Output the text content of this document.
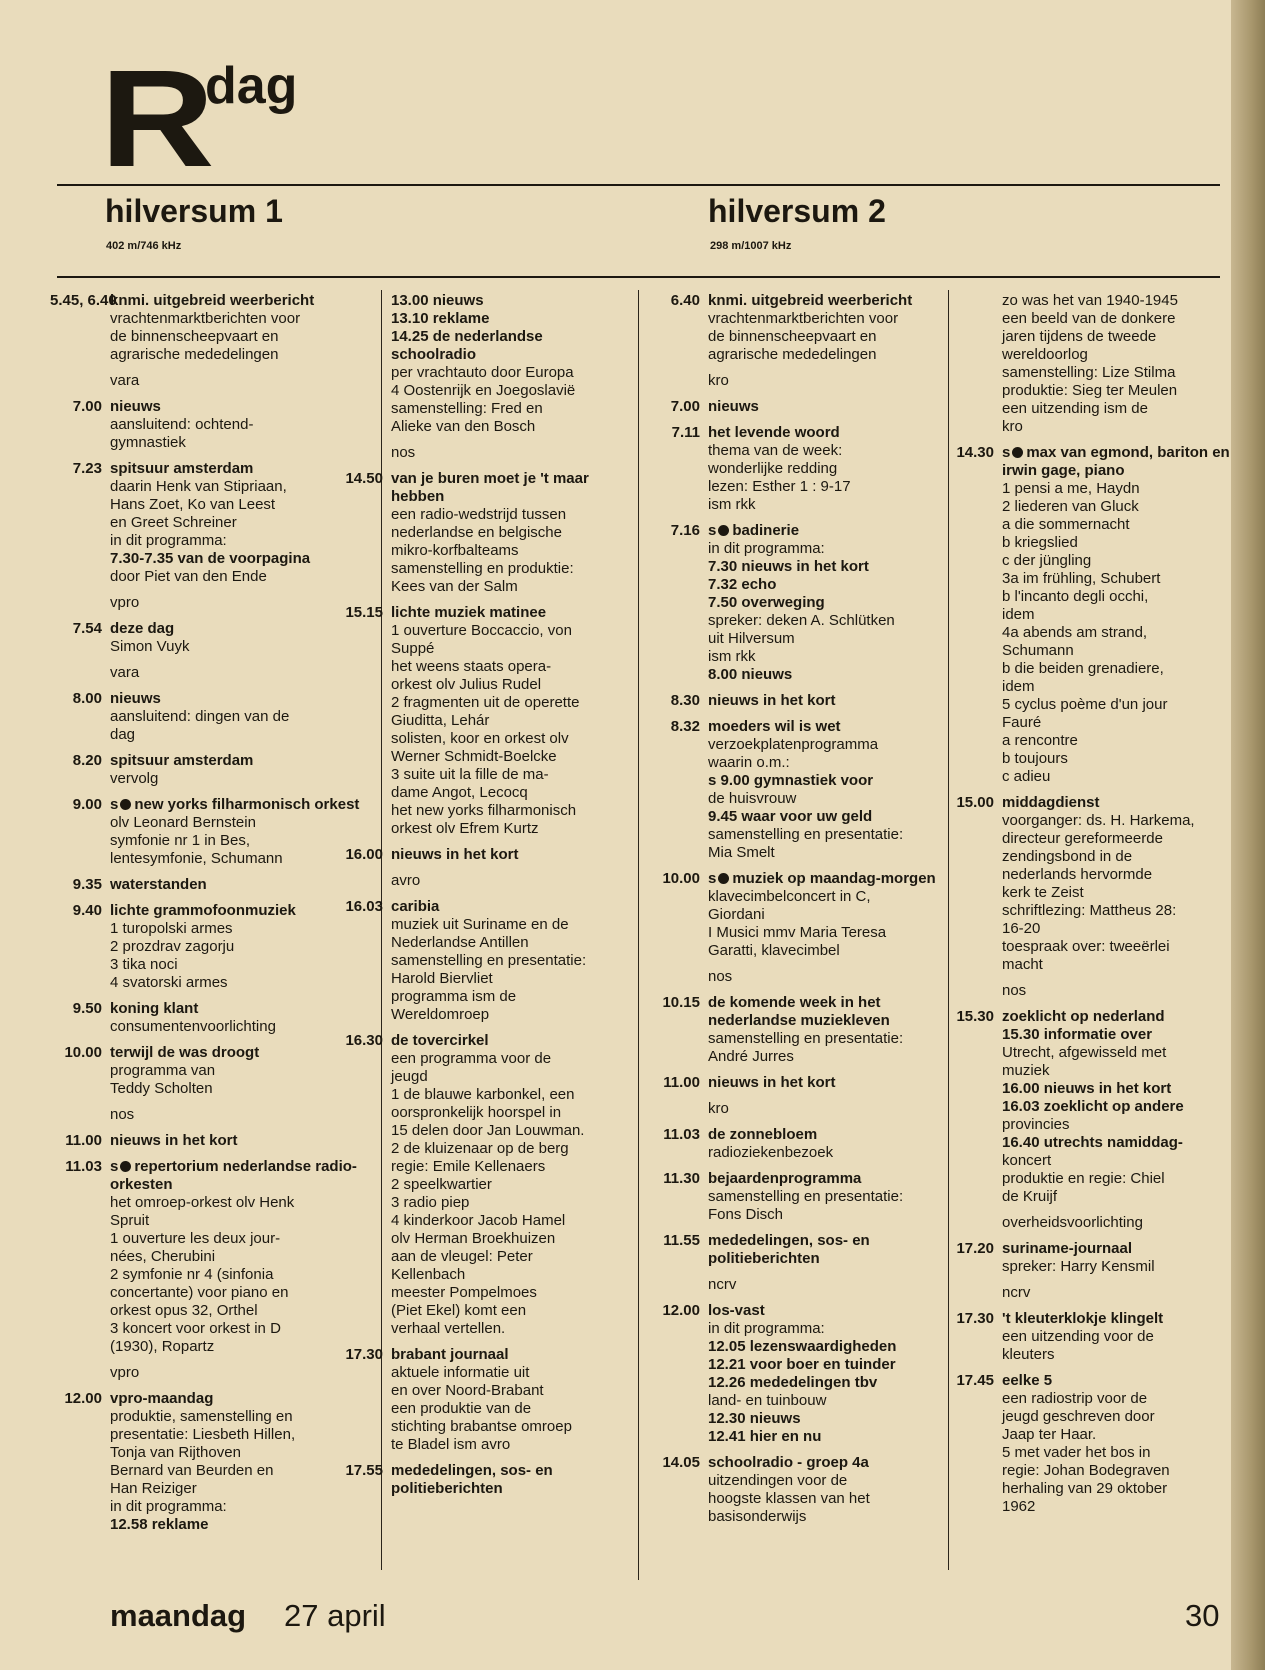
R
dag
hilversum 1
402 m/746 kHz
hilversum 2
298 m/1007 kHz
5.45, 6.40
knmi. uitgebreid weerbericht
vrachtenmarktberichten voor
de binnenscheepvaart en
agrarische mededelingen
vara
7.00 nieuws
aansluitend: ochtend-
gymnastiek
7.23 spitsuur amsterdam
daarin Henk van Stipriaan,
Hans Zoet, Ko van Leest
en Greet Schreiner
in dit programma:
7.30-7.35 van de voorpagina
door Piet van den Ende
vpro
7.54 deze dag
Simon Vuyk
vara
8.00 nieuws
aansluitend: dingen van de
dag
8.20 spitsuur amsterdam
vervolg
9.00 s new yorks filharmonisch orkest
olv Leonard Bernstein
symfonie nr 1 in Bes,
lentesymfonie, Schumann
9.35 waterstanden
9.40 lichte grammofoonmuziek
1 turopolski armes
2 prozdrav zagorju
3 tika noci
4 svatorski armes
9.50 koning klant
consumentenvoorlichting
10.00 terwijl de was droogt
programma van
Teddy Scholten
nos
11.00 nieuws in het kort
11.03 s repertorium nederlandse radio-orkesten
het omroep-orkest olv Henk
Spruit
1 ouverture les deux jour-
nées, Cherubini
2 symfonie nr 4 (sinfonia
concertante) voor piano en
orkest opus 32, Orthel
3 koncert voor orkest in D
(1930), Ropartz
vpro
12.00 vpro-maandag
produktie, samenstelling en
presentatie: Liesbeth Hillen,
Tonja van Rijthoven
Bernard van Beurden en
Han Reiziger
in dit programma:
12.58 reklame
13.00 nieuws
13.10 reklame
14.25 de nederlandse
schoolradio
per vrachtauto door Europa
4 Oostenrijk en Joegoslavië
samenstelling: Fred en
Alieke van den Bosch
nos
14.50 van je buren moet je 't maar hebben
een radio-wedstrijd tussen
nederlandse en belgische
mikro-korfbalteams
samenstelling en produktie:
Kees van der Salm
15.15 lichte muziek matinee
1 ouverture Boccaccio, von
Suppé
het weens staats opera-
orkest olv Julius Rudel
2 fragmenten uit de operette
Giuditta, Lehár
solisten, koor en orkest olv
Werner Schmidt-Boelcke
3 suite uit la fille de ma-
dame Angot, Lecocq
het new yorks filharmonisch
orkest olv Efrem Kurtz
16.00 nieuws in het kort
avro
16.03 caribia
muziek uit Suriname en de
Nederlandse Antillen
samenstelling en presentatie:
Harold Biervliet
programma ism de
Wereldomroep
16.30 de tovercirkel
een programma voor de
jeugd
1 de blauwe karbonkel, een
oorspronkelijk hoorspel in
15 delen door Jan Louwman.
2 de kluizenaar op de berg
regie: Emile Kellenaers
2 speelkwartier
3 radio piep
4 kinderkoor Jacob Hamel
olv Herman Broekhuizen
aan de vleugel: Peter
Kellenbach
meester Pompelmoes
(Piet Ekel) komt een
verhaal vertellen.
17.30 brabant journaal
aktuele informatie uit
en over Noord-Brabant
een produktie van de
stichting brabantse omroep
te Bladel ism avro
17.55 mededelingen, sos- en politieberichten
6.40 knmi. uitgebreid weerbericht
vrachtenmarktberichten voor
de binnenscheepvaart en
agrarische mededelingen
kro
7.00 nieuws
7.11 het levende woord
thema van de week:
wonderlijke redding
lezen: Esther 1 : 9-17
ism rkk
7.16 s badinerie
in dit programma:
7.30 nieuws in het kort
7.32 echo
7.50 overweging
spreker: deken A. Schlütken
uit Hilversum
ism rkk
8.00 nieuws
8.30 nieuws in het kort
8.32 moeders wil is wet
verzoekplatenprogramma
waarin o.m.:
s 9.00 gymnastiek voor
de huisvrouw
9.45 waar voor uw geld
samenstelling en presentatie:
Mia Smelt
10.00 s muziek op maandag-morgen
klavecimbelconcert in C,
Giordani
I Musici mmv Maria Teresa
Garatti, klavecimbel
nos
10.15 de komende week in het nederlandse muziekleven
samenstelling en presentatie:
André Jurres
11.00 nieuws in het kort
kro
11.03 de zonnebloem
radioziekenbezoek
11.30 bejaardenprogramma
samenstelling en presentatie:
Fons Disch
11.55 mededelingen, sos- en politieberichten
ncrv
12.00 los-vast
in dit programma:
12.05 lezenswaardigheden
12.21 voor boer en tuinder
12.26 mededelingen tbv
land- en tuinbouw
12.30 nieuws
12.41 hier en nu
14.05 schoolradio - groep 4a
uitzendingen voor de
hoogste klassen van het
basisonderwijs
zo was het van 1940-1945
een beeld van de donkere
jaren tijdens de tweede
wereldoorlog
samenstelling: Lize Stilma
produktie: Sieg ter Meulen
een uitzending ism de
kro
14.30 s max van egmond, bariton en irwin gage, piano
1 pensi a me, Haydn
2 liederen van Gluck
a die sommernacht
b kriegslied
c der jüngling
3a im frühling, Schubert
b l'incanto degli occhi,
idem
4a abends am strand,
Schumann
b die beiden grenadiere,
idem
5 cyclus poème d'un jour
Fauré
a rencontre
b toujours
c adieu
15.00 middagdienst
voorganger: ds. H. Harkema,
directeur gereformeerde
zendingsbond in de
nederlands hervormde
kerk te Zeist
schriftlezing: Mattheus 28:
16-20
toespraak over: tweeërlei
macht
nos
15.30 zoeklicht op nederland
15.30 informatie over
Utrecht, afgewisseld met
muziek
16.00 nieuws in het kort
16.03 zoeklicht op andere
provincies
16.40 utrechts namiddag-
koncert
produktie en regie: Chiel
de Kruijf
overheidsvoorlichting
17.20 suriname-journaal
spreker: Harry Kensmil
ncrv
17.30 't kleuterklokje klingelt
een uitzending voor de
kleuters
17.45 eelke 5
een radiostrip voor de
jeugd geschreven door
Jaap ter Haar.
5 met vader het bos in
regie: Johan Bodegraven
herhaling van 29 oktober
1962
maandag 27 april	30
